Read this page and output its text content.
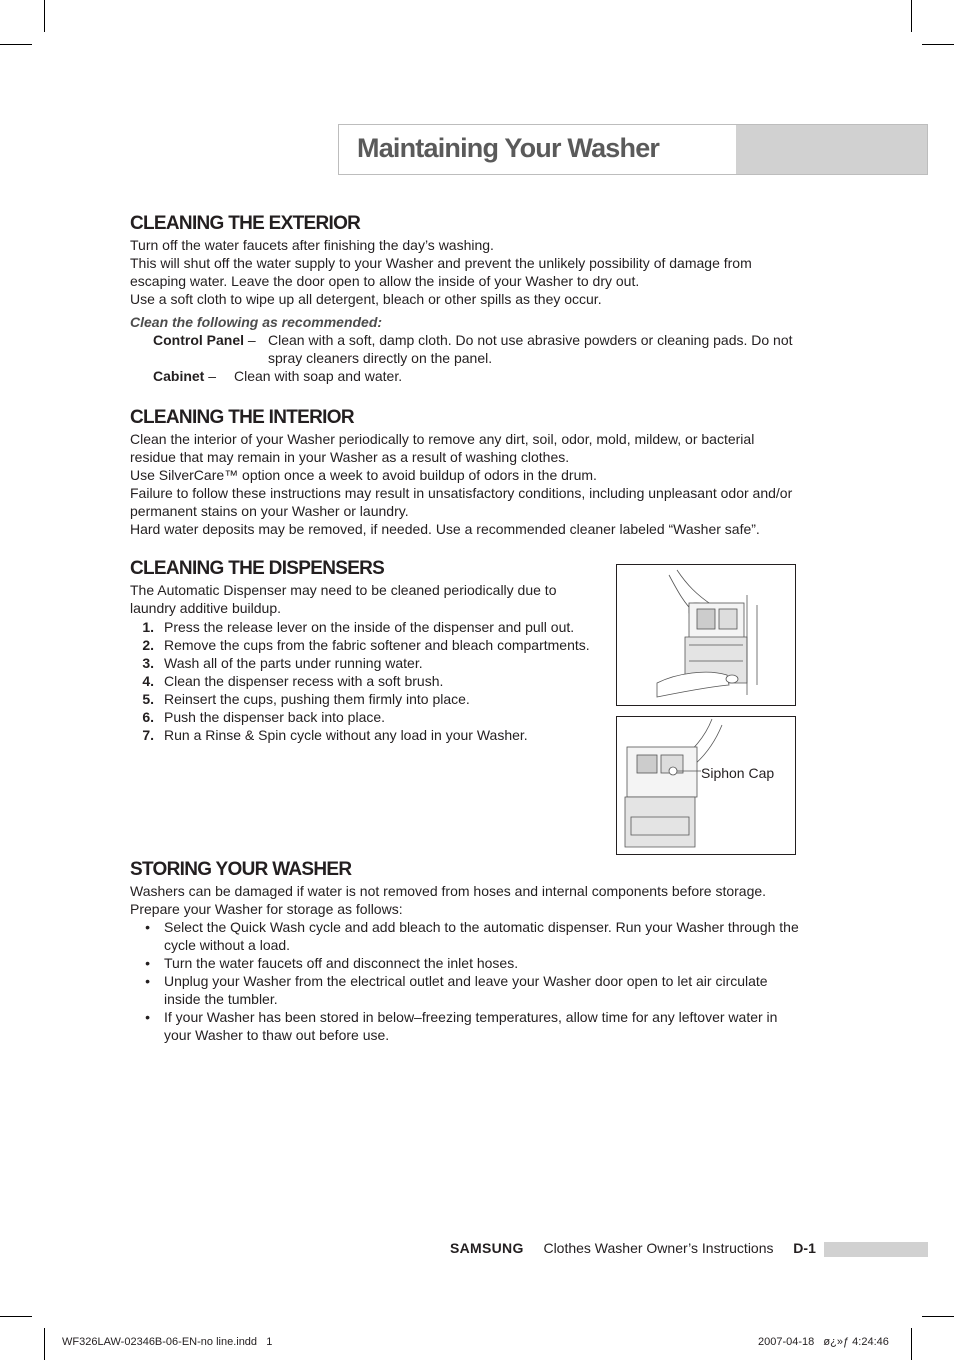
Maintaining Your Washer
CLEANING THE EXTERIOR

Turn off the water faucets after finishing the day’s washing.

This will shut off the water supply to your Washer and prevent the unlikely possibility of damage from escaping water. Leave the door open to allow the inside of your Washer to dry out.

Use a soft cloth to wipe up all detergent, bleach or other spills as they occur.

Clean the following as recommended:

Control Panel – Clean with a soft, damp cloth. Do not use abrasive powders or cleaning pads. Do not spray cleaners directly on the panel.
Cabinet –	Clean with soap and water.
CLEANING THE INTERIOR

Clean the interior of your Washer periodically to remove any dirt, soil, odor, mold, mildew, or bacterial residue that may remain in your Washer as a result of washing clothes.

Use SilverCare™ option once a week to avoid buildup of odors in the drum.

Failure to follow these instructions may result in unsatisfactory conditions, including unpleasant odor and/or permanent stains on your Washer or laundry.

Hard water deposits may be removed, if needed. Use a recommended cleaner labeled “Washer safe”.

CLEANING THE DISPENSERS

The Automatic Dispenser may need to be cleaned periodically due to laundry additive buildup.

1. Press the release lever on the inside of the dispenser and pull out.
2. Remove the cups from the fabric softener and bleach compartments.
3. Wash all of the parts under running water.
4. Clean the dispenser recess with a soft brush.
5. Reinsert the cups, pushing them firmly into place.
6. Push the dispenser back into place.
7. Run a Rinse & Spin cycle without any load in your Washer.
STORING YOUR WASHER

Washers can be damaged if water is not removed from hoses and internal components before storage. Prepare your Washer for storage as follows:

•	Select the Quick Wash cycle and add bleach to the automatic dispenser. Run your Washer through the cycle without a load.
•	Turn the water faucets off and disconnect the inlet hoses.
•	Unplug your Washer from the electrical outlet and leave your Washer door open to let air circulate inside the tumbler.
•	If your Washer has been stored in below–freezing temperatures, allow time for any leftover water in your Washer to thaw out before use.
Siphon Cap
SAMSUNG Clothes Washer Owner’s Instructions D-1
WF326LAW-02346B-06-EN-no line.indd   1	2007-04-18   ø¿»ƒ 4:24:46
